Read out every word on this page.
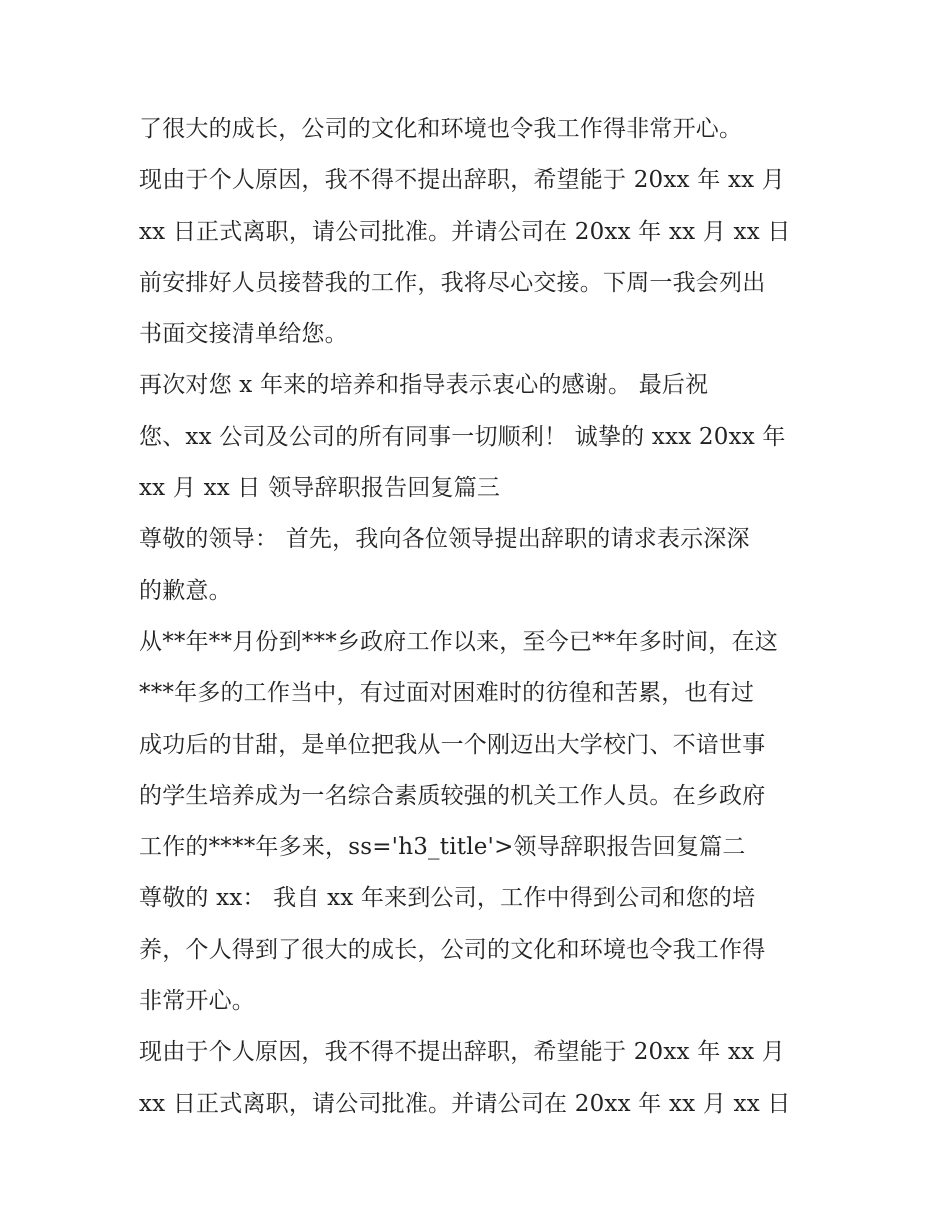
了很大的成长，公司的文化和环境也令我工作得非常开心。
现由于个人原因，我不得不提出辞职，希望能于 20xx 年 xx 月
xx 日正式离职，请公司批准。并请公司在 20xx 年 xx 月 xx 日
前安排好人员接替我的工作，我将尽心交接。下周一我会列出
书面交接清单给您。
再次对您 x 年来的培养和指导表示衷心的感谢。 最后祝
您、xx 公司及公司的所有同事一切顺利！ 诚挚的 xxx 20xx 年
xx 月 xx 日 领导辞职报告回复篇三
尊敬的领导： 首先，我向各位领导提出辞职的请求表示深深
的歉意。
从**年**月份到***乡政府工作以来，至今已**年多时间，在这
***年多的工作当中，有过面对困难时的彷徨和苦累，也有过
成功后的甘甜，是单位把我从一个刚迈出大学校门、不谙世事
的学生培养成为一名综合素质较强的机关工作人员。在乡政府
工作的****年多来，ss='h3_title'>领导辞职报告回复篇二
尊敬的 xx： 我自 xx 年来到公司，工作中得到公司和您的培
养，个人得到了很大的成长，公司的文化和环境也令我工作得
非常开心。
现由于个人原因，我不得不提出辞职，希望能于 20xx 年 xx 月
xx 日正式离职，请公司批准。并请公司在 20xx 年 xx 月 xx 日
